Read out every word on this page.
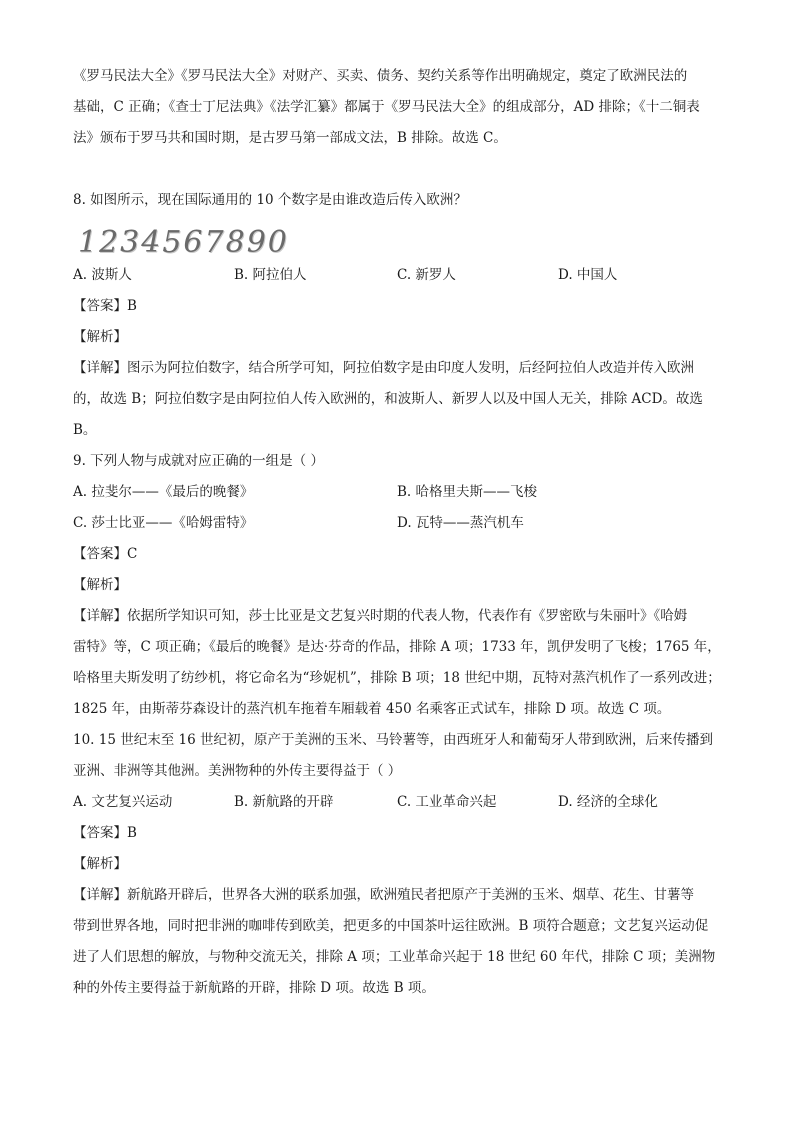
《罗马民法大全》《罗马民法大全》对财产、买卖、债务、契约关系等作出明确规定，奠定了欧洲民法的
基础，C 正确；《查士丁尼法典》《法学汇纂》都属于《罗马民法大全》的组成部分，AD 排除；《十二铜表
法》颁布于罗马共和国时期，是古罗马第一部成文法，B 排除。故选 C。
8. 如图所示，现在国际通用的 10 个数字是由谁改造后传入欧洲？
1234567890
A. 波斯人	B. 阿拉伯人	C. 新罗人	D. 中国人
【答案】B
【解析】
【详解】图示为阿拉伯数字，结合所学可知，阿拉伯数字是由印度人发明，后经阿拉伯人改造并传入欧洲
的，故选 B；阿拉伯数字是由阿拉伯人传入欧洲的，和波斯人、新罗人以及中国人无关，排除 ACD。故选
B。
9. 下列人物与成就对应正确的一组是（ ）
A. 拉斐尔——《最后的晚餐》	B. 哈格里夫斯——飞梭
C. 莎士比亚——《哈姆雷特》	D. 瓦特——蒸汽机车
【答案】C
【解析】
【详解】依据所学知识可知，莎士比亚是文艺复兴时期的代表人物，代表作有《罗密欧与朱丽叶》《哈姆
雷特》等，C 项正确；《最后的晚餐》是达·芬奇的作品，排除 A 项；1733 年，凯伊发明了飞梭；1765 年，
哈格里夫斯发明了纺纱机，将它命名为“珍妮机”，排除 B 项；18 世纪中期，瓦特对蒸汽机作了一系列改进；
1825 年，由斯蒂芬森设计的蒸汽机车拖着车厢载着 450 名乘客正式试车，排除 D 项。故选 C 项。
10. 15 世纪末至 16 世纪初，原产于美洲的玉米、马铃薯等，由西班牙人和葡萄牙人带到欧洲，后来传播到
亚洲、非洲等其他洲。美洲物种的外传主要得益于（ ）
A. 文艺复兴运动	B. 新航路的开辟	C. 工业革命兴起	D. 经济的全球化
【答案】B
【解析】
【详解】新航路开辟后，世界各大洲的联系加强，欧洲殖民者把原产于美洲的玉米、烟草、花生、甘薯等
带到世界各地，同时把非洲的咖啡传到欧美，把更多的中国茶叶运往欧洲。B 项符合题意；文艺复兴运动促
进了人们思想的解放，与物种交流无关，排除 A 项；工业革命兴起于 18 世纪 60 年代，排除 C 项；美洲物
种的外传主要得益于新航路的开辟，排除 D 项。故选 B 项。
